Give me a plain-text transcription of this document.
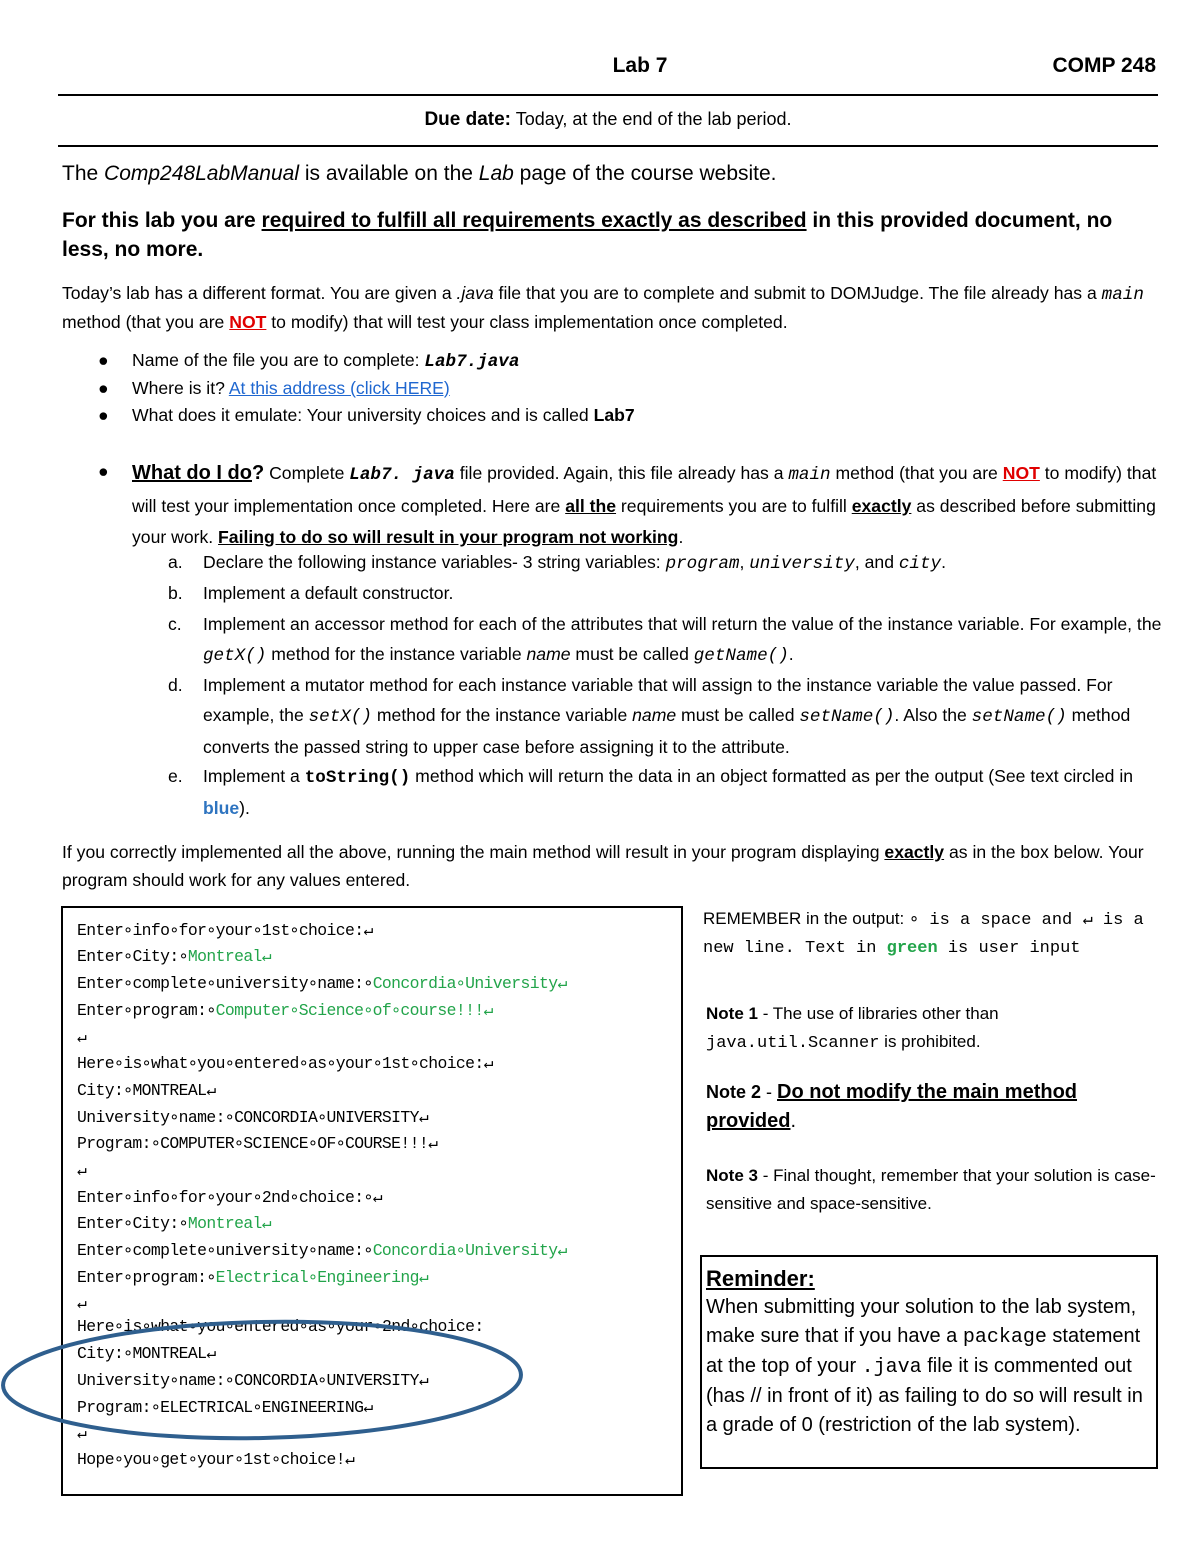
Lab 7	COMP 248
Due date: Today, at the end of the lab period.
The Comp248LabManual is available on the Lab page of the course website.
For this lab you are required to fulfill all requirements exactly as described in this provided document, no less, no more.
Today’s lab has a different format. You are given a .java file that you are to complete and submit to DOMJudge. The file already has a main method (that you are NOT to modify) that will test your class implementation once completed.
● Name of the file you are to complete: Lab7.java
● Where is it? At this address (click HERE)
● What does it emulate: Your university choices and is called Lab7
● What do I do? Complete Lab7. java file provided. Again, this file already has a main method (that you are NOT to modify) that will test your implementation once completed. Here are all the requirements you are to fulfill exactly as described before submitting your work. Failing to do so will result in your program not working.
a. Declare the following instance variables- 3 string variables: program, university, and city.
b. Implement a default constructor.
c. Implement an accessor method for each of the attributes that will return the value of the instance variable. For example, the getX() method for the instance variable name must be called getName().
d. Implement a mutator method for each instance variable that will assign to the instance variable the value passed. For example, the setX() method for the instance variable name must be called setName(). Also the setName() method converts the passed string to upper case before assigning it to the attribute.
e. Implement a toString() method which will return the data in an object formatted as per the output (See text circled in blue).
If you correctly implemented all the above, running the main method will result in your program displaying exactly as in the box below. Your program should work for any values entered.
Enter∘info∘for∘your∘1st∘choice:↵
Enter∘City:∘Montreal↵
Enter∘complete∘university∘name:∘Concordia∘University↵
Enter∘program:∘Computer∘Science∘of∘course!!!↵
↵
Here∘is∘what∘you∘entered∘as∘your∘1st∘choice:↵
City:∘MONTREAL↵
University∘name:∘CONCORDIA∘UNIVERSITY↵
Program:∘COMPUTER∘SCIENCE∘OF∘COURSE!!!↵
↵
Enter∘info∘for∘your∘2nd∘choice:∘↵
Enter∘City:∘Montreal↵
Enter∘complete∘university∘name:∘Concordia∘University↵
Enter∘program:∘Electrical∘Engineering↵
↵
Here∘is∘what∘you∘entered∘as∘your∘2nd∘choice:
City:∘MONTREAL↵
University∘name:∘CONCORDIA∘UNIVERSITY↵
Program:∘ELECTRICAL∘ENGINEERING↵
↵
Hope∘you∘get∘your∘1st∘choice!↵
REMEMBER in the output: ∘ is a space and ↵ is a new line. Text in green is user input
Note 1 - The use of libraries other than java.util.Scanner is prohibited.
Note 2 - Do not modify the main method provided.
Note 3 - Final thought, remember that your solution is case-sensitive and space-sensitive.
Reminder:
When submitting your solution to the lab system, make sure that if you have a package statement at the top of your .java file it is commented out (has // in front of it) as failing to do so will result in a grade of 0 (restriction of the lab system).
